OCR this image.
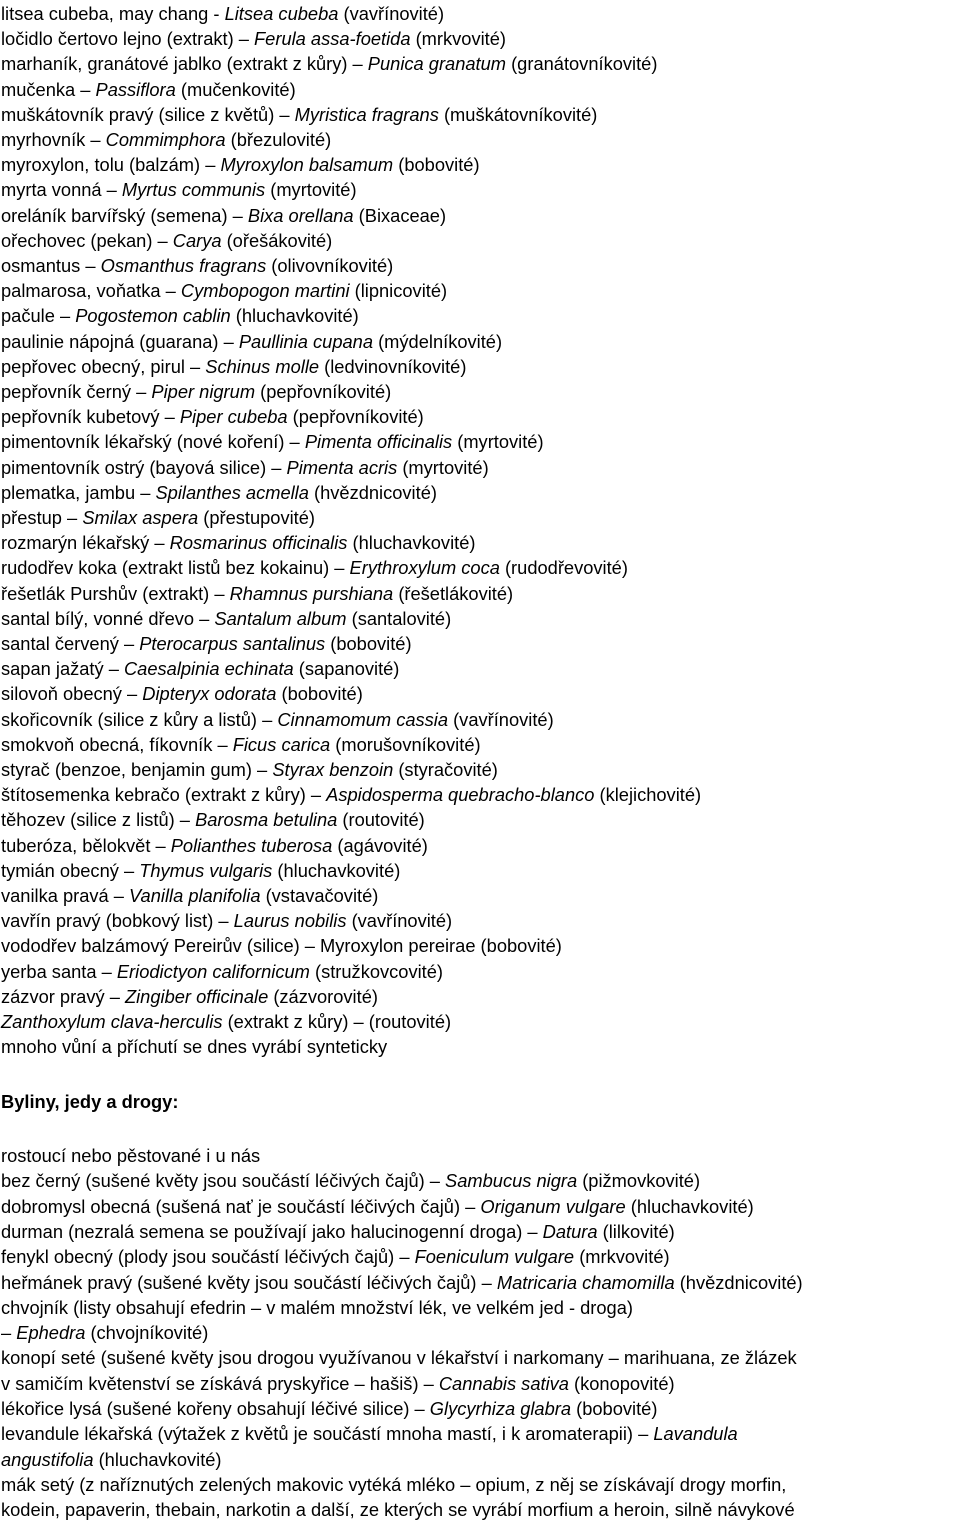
litsea cubeba, may chang - Litsea cubeba (vavřínovité)
ločidlo čertovo lejno (extrakt) – Ferula assa-foetida (mrkvovité)
marhaník, granátové jablko (extrakt z kůry) – Punica granatum (granátovníkovité)
mučenka – Passiflora (mučenkovité)
muškátovník pravý (silice z květů) – Myristica fragrans (muškátovníkovité)
myrhovník – Commimphora (březulovité)
myroxylon, tolu (balzám) – Myroxylon balsamum (bobovité)
myrta vonná – Myrtus communis (myrtovité)
oreláník barvířský (semena) – Bixa orellana (Bixaceae)
ořechovec (pekan) – Carya (ořešákovité)
osmantus – Osmanthus fragrans (olivovníkovité)
palmarosa, voňatka – Cymbopogon martini (lipnicovité)
pačule – Pogostemon cablin (hluchavkovité)
paulinie nápojná (guarana) – Paullinia cupana (mýdelníkovité)
pepřovec obecný, pirul – Schinus molle (ledvinovníkovité)
pepřovník černý – Piper nigrum (pepřovníkovité)
pepřovník kubetový – Piper cubeba (pepřovníkovité)
pimentovník lékařský (nové koření) – Pimenta officinalis (myrtovité)
pimentovník ostrý (bayová silice) – Pimenta acris (myrtovité)
plematka, jambu – Spilanthes acmella (hvězdnicovité)
přestup – Smilax aspera (přestupovité)
rozmarýn lékařský – Rosmarinus officinalis (hluchavkovité)
rudodřev koka (extrakt listů bez kokainu) – Erythroxylum coca (rudodřevovité)
řešetlák Purshův (extrakt) – Rhamnus purshiana (řešetlákovité)
santal bílý, vonné dřevo – Santalum album (santalovité)
santal červený – Pterocarpus santalinus (bobovité)
sapan jažatý – Caesalpinia echinata (sapanovité)
silovoň obecný – Dipteryx odorata (bobovité)
skořicovník (silice z kůry a listů) – Cinnamomum cassia (vavřínovité)
smokvoň obecná, fíkovník – Ficus carica (morušovníkovité)
styrač (benzoe, benjamin gum) – Styrax benzoin (styračovité)
štítosemenka kebračo (extrakt z kůry) – Aspidosperma quebracho-blanco (klejichovité)
těhozev (silice z listů) – Barosma betulina (routovité)
tuberóza, bělokvět – Polianthes tuberosa (agávovité)
tymián obecný – Thymus vulgaris (hluchavkovité)
vanilka pravá – Vanilla planifolia (vstavačovité)
vavřín pravý (bobkový list) – Laurus nobilis (vavřínovité)
vododřev balzámový Pereirův (silice) – Myroxylon pereirae (bobovité)
yerba santa – Eriodictyon californicum (stružkovcovité)
zázvor pravý – Zingiber officinale (zázvorovité)
Zanthoxylum clava-herculis (extrakt z kůry) – (routovité)
mnoho vůní a příchutí se dnes vyrábí synteticky
Byliny, jedy a drogy:
rostoucí nebo pěstované i u nás
bez černý (sušené květy jsou součástí léčivých čajů) – Sambucus nigra (pižmovkovité)
dobromysl obecná (sušená nať je součástí léčivých čajů) – Origanum vulgare (hluchavkovité)
durman (nezralá semena se používají jako halucinogenní droga) – Datura (lilkovité)
fenykl obecný (plody jsou součástí léčivých čajů) – Foeniculum vulgare (mrkvovité)
heřmánek pravý (sušené květy jsou součástí léčivých čajů) – Matricaria chamomilla (hvězdnicovité)
chvojník (listy obsahují efedrin – v malém množství lék, ve velkém jed - droga)
– Ephedra (chvojníkovité)
konopí seté (sušené květy jsou drogou využívanou v lékařství i narkomany – marihuana, ze žlázek
v samičím květenství se získává pryskyřice – hašiš) – Cannabis sativa (konopovité)
lékořice lysá (sušené kořeny obsahují léčivé silice) – Glycyrhiza glabra (bobovité)
levandule lékařská (výtažek z květů je součástí mnoha mastí, i k aromaterapii) – Lavandula
angustifolia (hluchavkovité)
mák setý (z naříznutých zelených makovic vytéká mléko – opium, z něj se získávají drogy morfin,
kodein, papaverin, thebain, narkotin a další, ze kterých se vyrábí morfium a heroin, silně návykové
